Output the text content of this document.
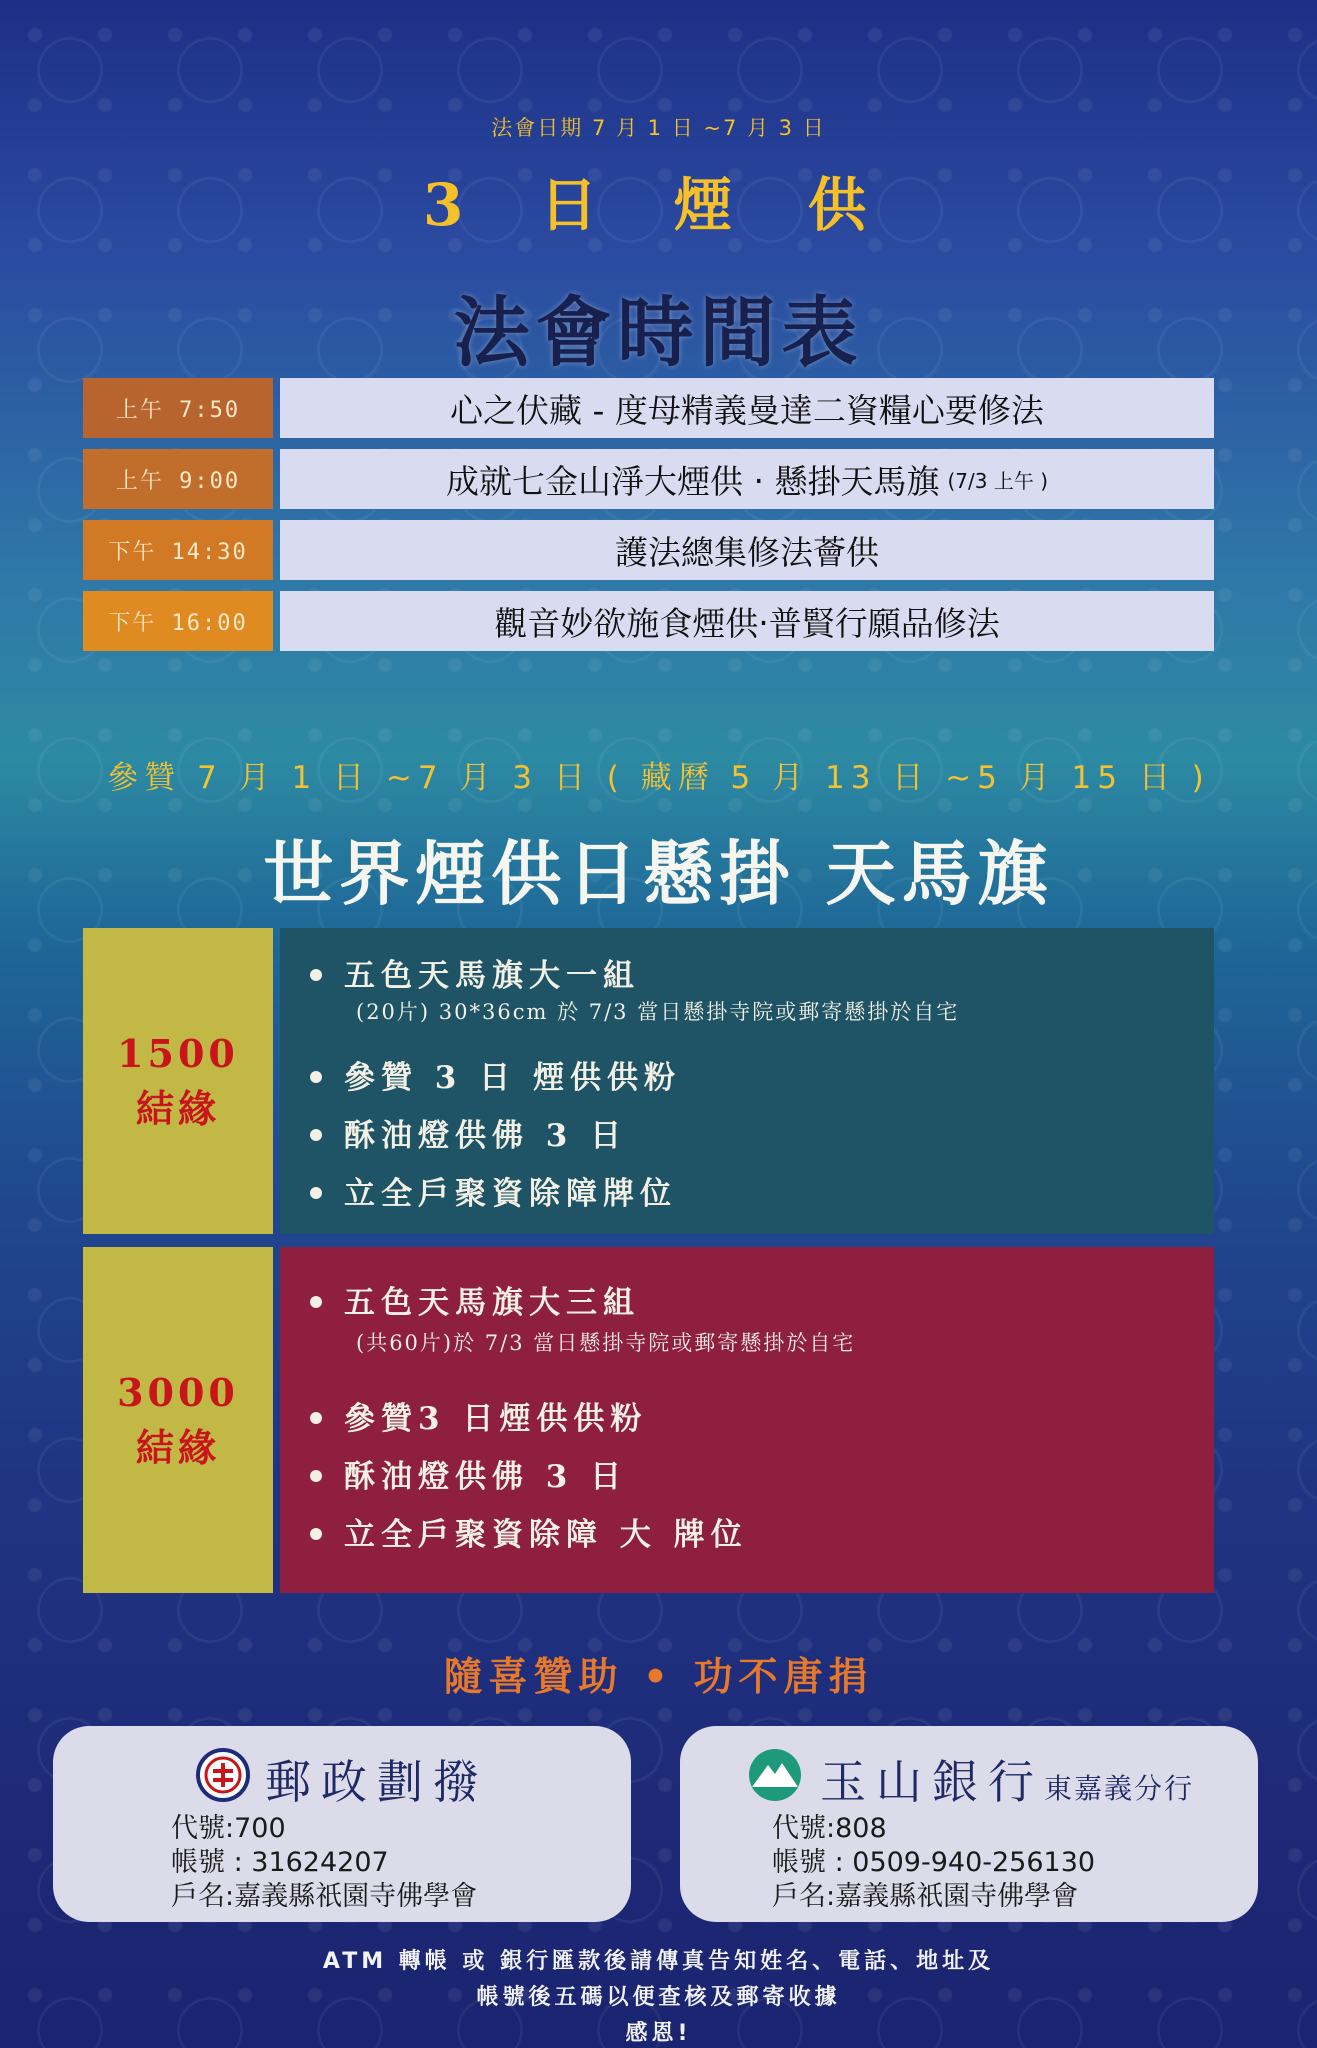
法會日期 7 月 1 日 ~7 月 3 日
3 日 煙 供
法會時間表
上午 7:50	心之伏藏 - 度母精義曼達二資糧心要修法
上午 9:00	成就七金山淨大煙供 ‧ 懸掛天馬旗 (7/3 上午 )
下午 14:30	護法總集修法薈供
下午 16:00	觀音妙欲施食煙供‧普賢行願品修法
參贊 7 月 1 日 ~7 月 3 日 ( 藏曆 5 月 13 日 ~5 月 15 日 )
世界煙供日懸掛 天馬旗
1500
結緣
五色天馬旗大一組
(20片) 30*36cm 於 7/3 當日懸掛寺院或郵寄懸掛於自宅
參贊 3 日 煙供供粉
酥油燈供佛 3 日
立全戶聚資除障牌位
3000
結緣
五色天馬旗大三組
(共60片)於 7/3 當日懸掛寺院或郵寄懸掛於自宅
參贊3 日煙供供粉
酥油燈供佛 3 日
立全戶聚資除障 大 牌位
隨喜贊助 • 功不唐捐
郵政劃撥
代號:700
帳號 : 31624207
戶名:嘉義縣祇園寺佛學會
玉山銀行東嘉義分行
代號:808
帳號 : 0509-940-256130
戶名:嘉義縣祇園寺佛學會
ATM 轉帳 或 銀行匯款後請傳真告知姓名、電話、地址及
帳號後五碼以便查核及郵寄收據
感恩!
